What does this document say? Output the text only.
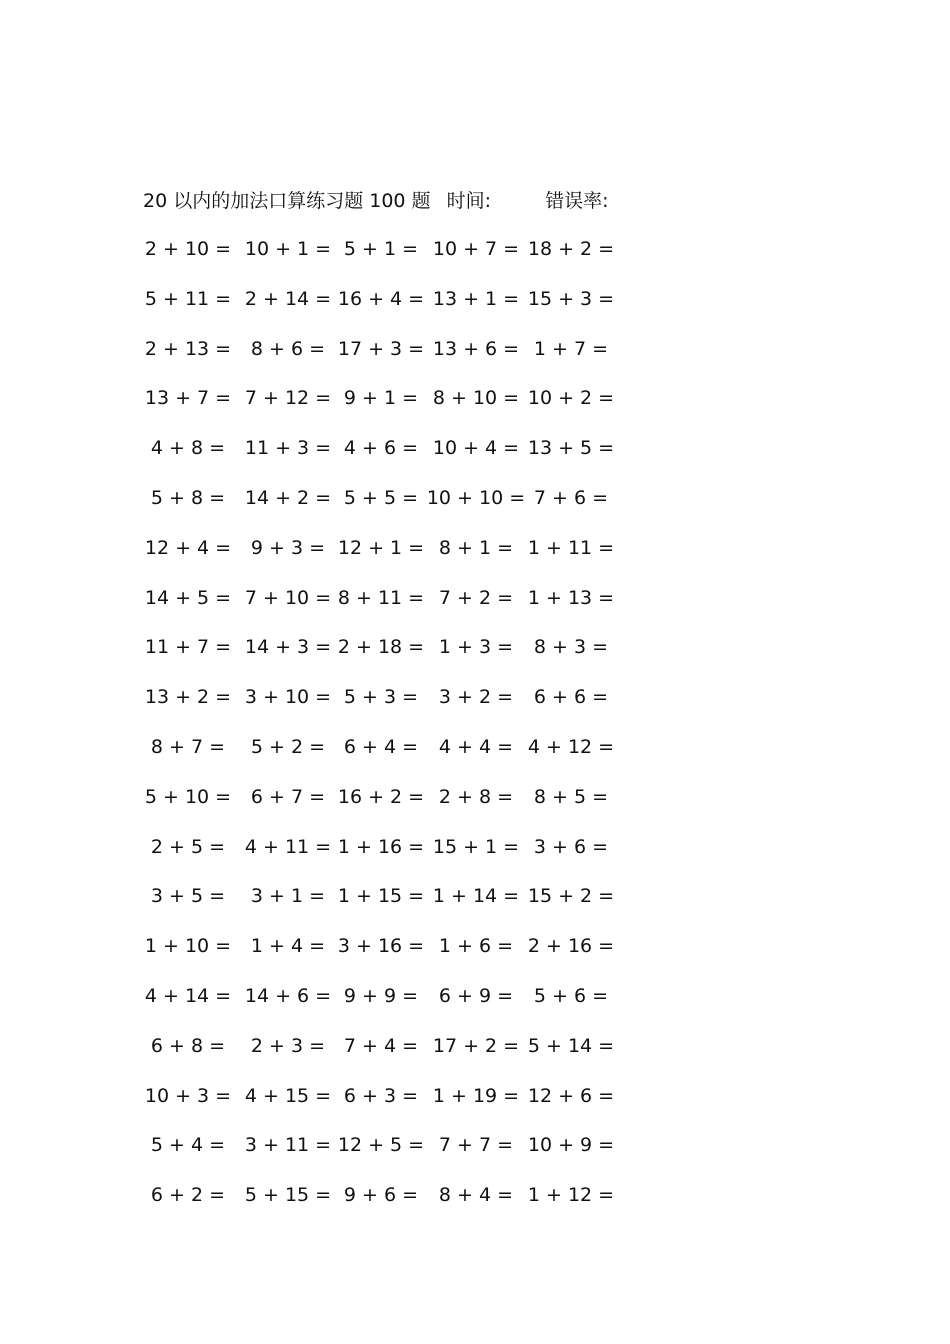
20 以内的加法口算练习题 100 题 时间:	错误率:
2 + 10 = 10 + 1 = 5 + 1 = 10 + 7 = 18 + 2 =
5 + 11 = 2 + 14 = 16 + 4 = 13 + 1 = 15 + 3 =
2 + 13 =	8 + 6 = 17 + 3 = 13 + 6 = 1 + 7 =
13 + 7 = 7 + 12 = 9 + 1 = 8 + 10 = 10 + 2 =
4 + 8 =	11 + 3 = 4 + 6 = 10 + 4 = 13 + 5 =
5 + 8 =	14 + 2 = 5 + 5 = 10 + 10 = 7 + 6 =
12 + 4 =	9 + 3 = 12 + 1 = 8 + 1 = 1 + 11 =
14 + 5 = 7 + 10 = 8 + 11 = 7 + 2 = 1 + 13 =
11 + 7 = 14 + 3 = 2 + 18 = 1 + 3 =	8 + 3 =
13 + 2 = 3 + 10 = 5 + 3 =	3 + 2 =	6 + 6 =
8 + 7 =	5 + 2 = 6 + 4 =	4 + 4 = 4 + 12 =
5 + 10 =	6 + 7 = 16 + 2 = 2 + 8 =	8 + 5 =
2 + 5 =	4 + 11 = 1 + 16 = 15 + 1 = 3 + 6 =
3 + 5 =	3 + 1 = 1 + 15 = 1 + 14 = 15 + 2 =
1 + 10 =	1 + 4 = 3 + 16 = 1 + 6 = 2 + 16 =
4 + 14 = 14 + 6 = 9 + 9 =	6 + 9 =	5 + 6 =
6 + 8 =	2 + 3 = 7 + 4 = 17 + 2 = 5 + 14 =
10 + 3 = 4 + 15 = 6 + 3 = 1 + 19 = 12 + 6 =
5 + 4 =	3 + 11 = 12 + 5 = 7 + 7 = 10 + 9 =
6 + 2 =	5 + 15 = 9 + 6 =	8 + 4 = 1 + 12 =
